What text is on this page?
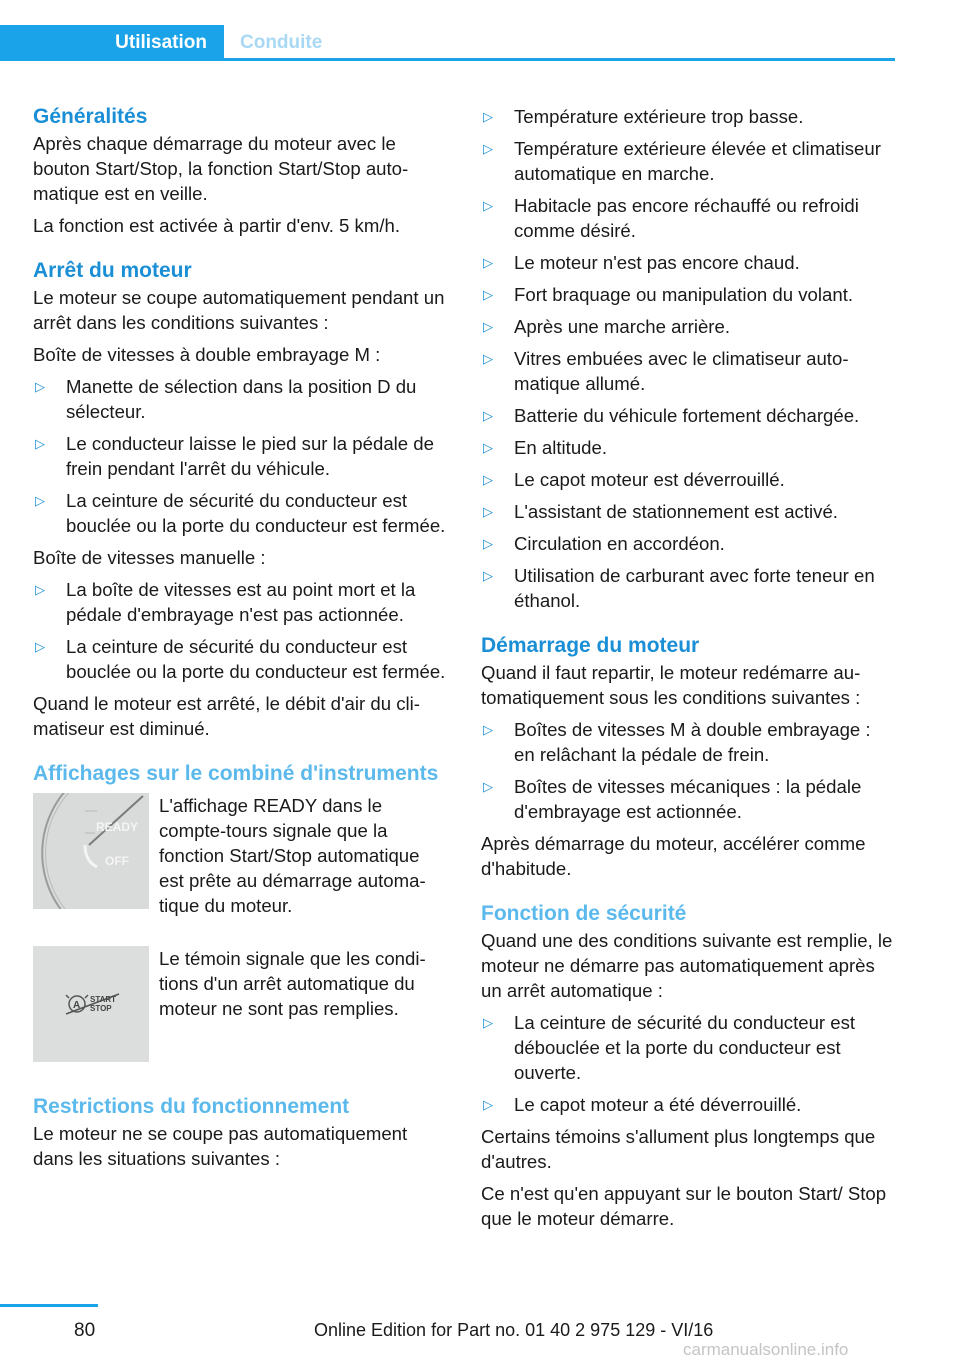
Utilisation Conduite
Généralités
Après chaque démarrage du moteur avec le bouton Start/Stop, la fonction Start/Stop automatique est en veille.
La fonction est activée à partir d'env. 5 km/h.
Arrêt du moteur
Le moteur se coupe automatiquement pendant un arrêt dans les conditions suivantes :
Boîte de vitesses à double embrayage M :
▷ Manette de sélection dans la position D du sélecteur.
▷ Le conducteur laisse le pied sur la pédale de frein pendant l'arrêt du véhicule.
▷ La ceinture de sécurité du conducteur est bouclée ou la porte du conducteur est fermée.
Boîte de vitesses manuelle :
▷ La boîte de vitesses est au point mort et la pédale d'embrayage n'est pas actionnée.
▷ La ceinture de sécurité du conducteur est bouclée ou la porte du conducteur est fermée.
Quand le moteur est arrêté, le débit d'air du climatiseur est diminué.
Affichages sur le combiné d'instruments
READY
OFF
L'affichage READY dans le compte-tours signale que la fonction Start/Stop automatique est prête au démarrage automatique du moteur.
A
START
STOP
Le témoin signale que les conditions d'un arrêt automatique du moteur ne sont pas remplies.
Restrictions du fonctionnement
Le moteur ne se coupe pas automatiquement dans les situations suivantes :
▷ Température extérieure trop basse.
▷ Température extérieure élevée et climatiseur automatique en marche.
▷ Habitacle pas encore réchauffé ou refroidi comme désiré.
▷ Le moteur n'est pas encore chaud.
▷ Fort braquage ou manipulation du volant.
▷ Après une marche arrière.
▷ Vitres embuées avec le climatiseur automatique allumé.
▷ Batterie du véhicule fortement déchargée.
▷ En altitude.
▷ Le capot moteur est déverrouillé.
▷ L'assistant de stationnement est activé.
▷ Circulation en accordéon.
▷ Utilisation de carburant avec forte teneur en éthanol.
Démarrage du moteur
Quand il faut repartir, le moteur redémarre automatiquement sous les conditions suivantes :
▷ Boîtes de vitesses M à double embrayage : en relâchant la pédale de frein.
▷ Boîtes de vitesses mécaniques : la pédale d'embrayage est actionnée.
Après démarrage du moteur, accélérer comme d'habitude.
Fonction de sécurité
Quand une des conditions suivante est remplie, le moteur ne démarre pas automatiquement après un arrêt automatique :
▷ La ceinture de sécurité du conducteur est débouclée et la porte du conducteur est ouverte.
▷ Le capot moteur a été déverrouillé.
Certains témoins s'allument plus longtemps que d'autres.
Ce n'est qu'en appuyant sur le bouton Start/ Stop que le moteur démarre.
80	Online Edition for Part no. 01 40 2 975 129 - VI/16
carmanualsonline.info
